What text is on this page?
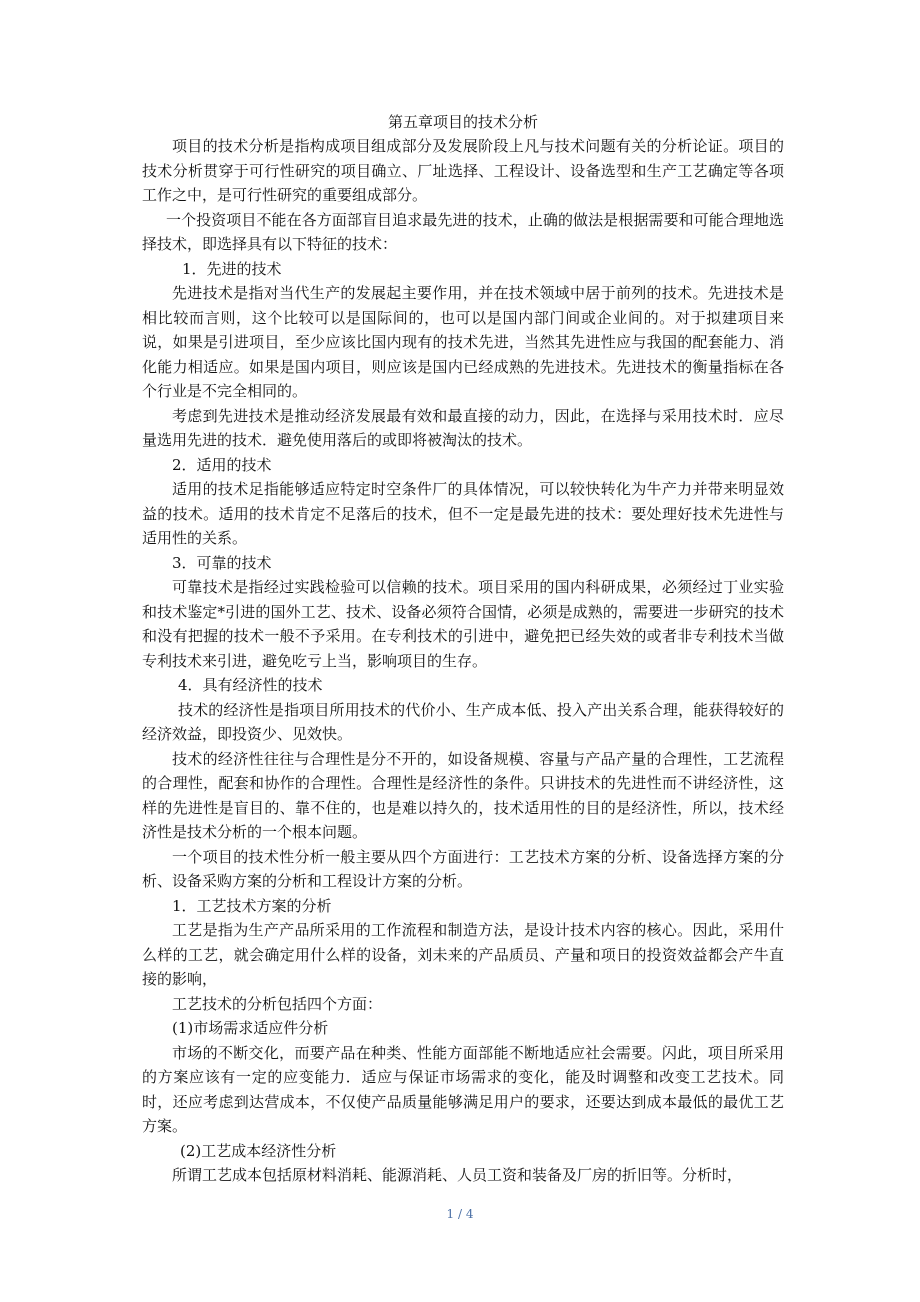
第五章项目的技术分析

项目的技术分析是指构成项目组成部分及发展阶段上凡与技术问题有关的分析论证。项目的技术分析贯穿于可行性研究的项目确立、厂址选择、工程设计、设备选型和生产工艺确定等各项工作之中，是可行性研究的重要组成部分。

一个投资项目不能在各方面部盲目追求最先进的技术，止确的做法是根据需要和可能合理地选择技术，即选择具有以下特征的技术：

1．先进的技术

先进技术是指对当代生产的发展起主要作用，并在技术领域中居于前列的技术。先进技术是相比较而言则，这个比较可以是国际间的，也可以是国内部门间或企业间的。对于拟建项目来说，如果是引进项目，至少应该比国内现有的技术先进，当然其先进性应与我国的配套能力、消化能力相适应。如果是国内项目，则应该是国内已经成熟的先进技术。先进技术的衡量指标在各个行业是不完全相同的。

考虑到先进技术是推动经济发展最有效和最直接的动力，因此，在选择与采用技术时．应尽量选用先进的技术．避免使用落后的或即将被淘汰的技术。

2．适用的技术

适用的技术足指能够适应特定时空条件厂的具体情况，可以较快转化为牛产力并带来明显效益的技术。适用的技术肯定不足落后的技术，但不一定是最先进的技术：要处理好技术先进性与适用性的关系。

3．可靠的技术

可靠技术是指经过实践检验可以信赖的技术。项目采用的国内科研成果，必须经过丁业实验和技术鉴定*引进的国外工艺、技术、设备必须符合国情，必须是成熟的，需要进一步研究的技术和没有把握的技术一般不予采用。在专利技术的引进中，避免把已经失效的或者非专利技术当做专利技术来引进，避免吃亏上当，影响项目的生存。

4．具有经济性的技术

技术的经济性是指项目所用技术的代价小、生产成本低、投入产出关系合理，能获得较好的经济效益，即投资少、见效快。

技术的经济性往往与合理性是分不开的，如设备规模、容量与产品产量的合理性，工艺流程的合理性，配套和协作的合理性。合理性是经济性的条件。只讲技术的先进性而不讲经济性，这样的先进性是盲目的、靠不住的，也是难以持久的，技术适用性的目的是经济性，所以，技术经济性是技术分析的一个根本问题。

一个项目的技术性分析一般主要从四个方面进行：工艺技术方案的分析、设备选择方案的分析、设备采购方案的分析和工程设计方案的分析。

1．工艺技术方案的分析

工艺是指为生产产品所采用的工作流程和制造方法，是设计技术内容的核心。因此，采用什么样的工艺，就会确定用什么样的设备，刘未来的产品质员、产量和项日的投资效益都会产牛直接的影响，

工艺技术的分析包括四个方面：

(1)市场需求适应件分析

市场的不断交化，而要产品在种类、性能方面部能不断地适应社会需要。闪此，项目所采用的方案应该有一定的应变能力．适应与保证市场需求的变化，能及时调整和改变工艺技术。同时，还应考虑到达营成本，不仅使产品质量能够满足用户的要求，还要达到成本最低的最优工艺方案。

(2)工艺成本经济性分析

所谓工艺成本包括原材料消耗、能源消耗、人员工资和装备及厂房的折旧等。分析时，

1 / 4
